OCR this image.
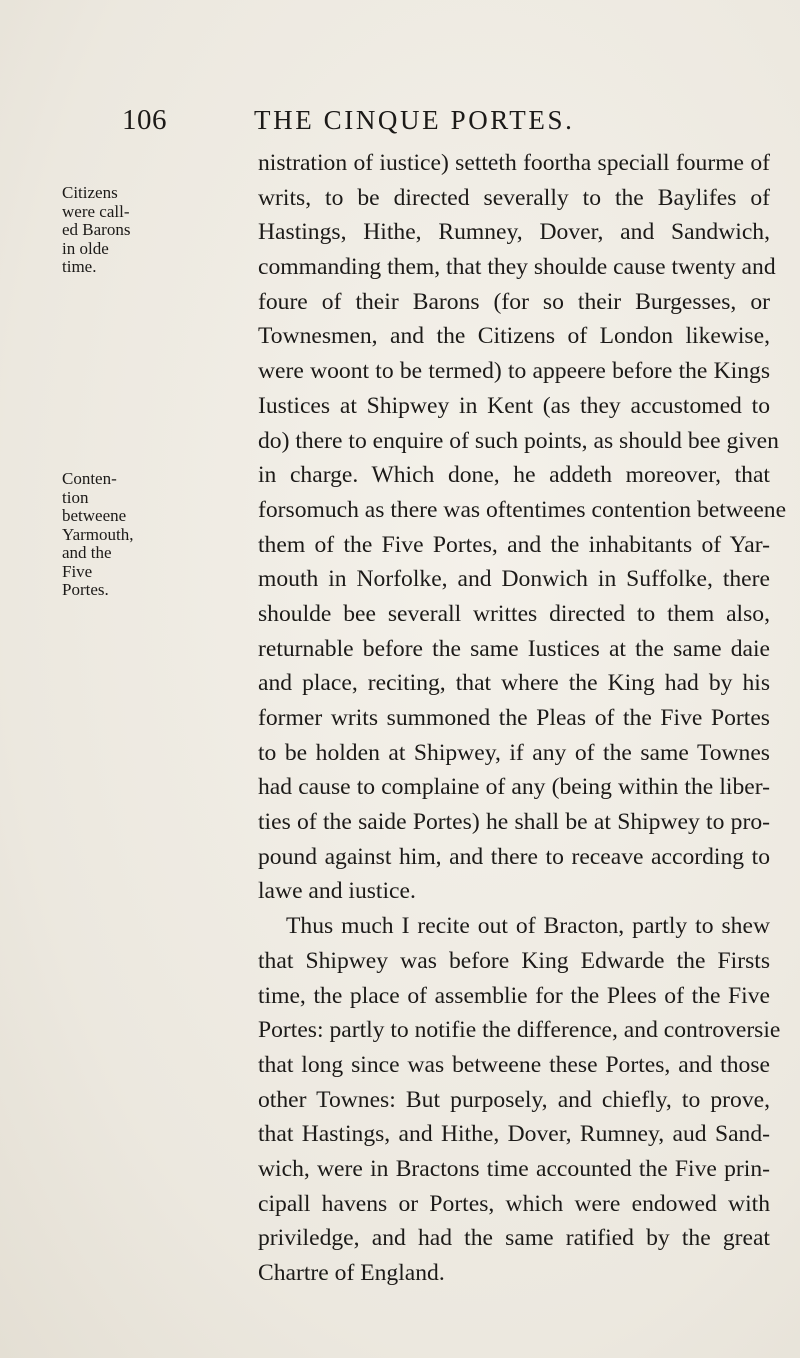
106	THE CINQUE PORTES.
Citizens
were call-
ed Barons
in olde
time.
Conten-
tion
betweene
Yarmouth,
and the
Five
Portes.
nistration of iustice) setteth foortha speciall fourme of
writs, to be directed severally to the Baylifes of
Hastings, Hithe, Rumney, Dover, and Sandwich,
commanding them, that they shoulde cause twenty and
foure of their Barons (for so their Burgesses, or
Townesmen, and the Citizens of London likewise,
were woont to be termed) to appeere before the Kings
Iustices at Shipwey in Kent (as they accustomed to
do) there to enquire of such points, as should bee given
in charge. Which done, he addeth moreover, that
forsomuch as there was oftentimes contention betweene
them of the Five Portes, and the inhabitants of Yar-
mouth in Norfolke, and Donwich in Suffolke, there
shoulde bee severall writtes directed to them also,
returnable before the same Iustices at the same daie
and place, reciting, that where the King had by his
former writs summoned the Pleas of the Five Portes
to be holden at Shipwey, if any of the same Townes
had cause to complaine of any (being within the liber-
ties of the saide Portes) he shall be at Shipwey to pro-
pound against him, and there to receave according to
lawe and iustice.
Thus much I recite out of Bracton, partly to shew
that Shipwey was before King Edwarde the Firsts
time, the place of assemblie for the Plees of the Five
Portes: partly to notifie the difference, and controversie
that long since was betweene these Portes, and those
other Townes: But purposely, and chiefly, to prove,
that Hastings, and Hithe, Dover, Rumney, aud Sand-
wich, were in Bractons time accounted the Five prin-
cipall havens or Portes, which were endowed with
priviledge, and had the same ratified by the great
Chartre of England.
